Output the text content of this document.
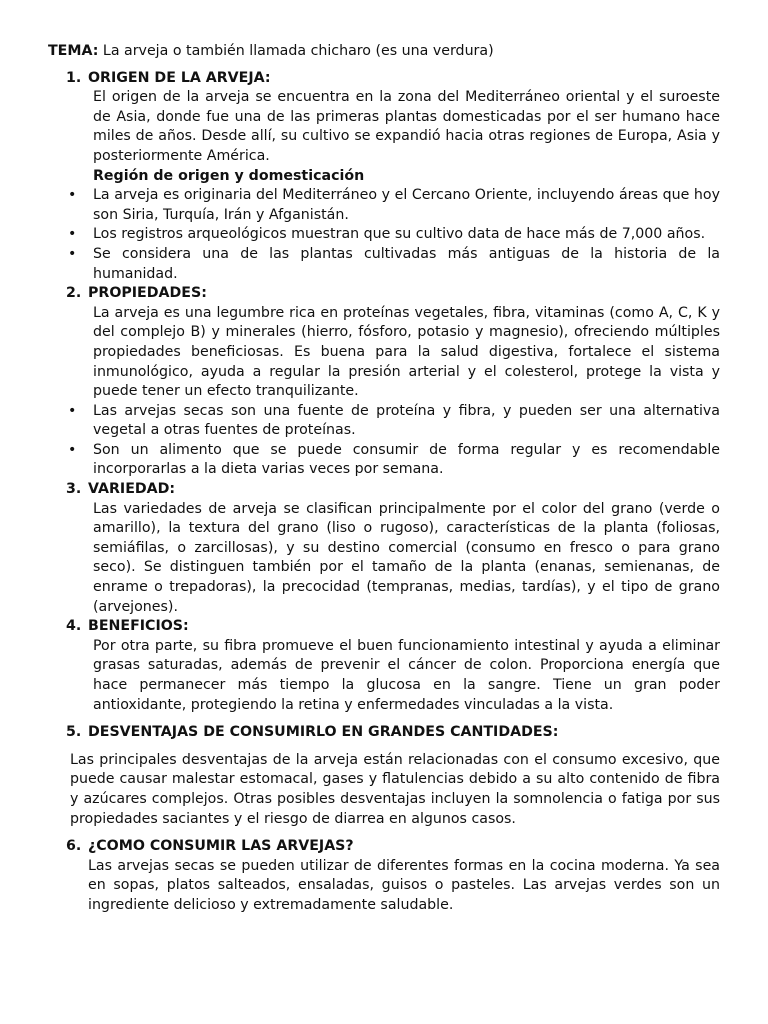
TEMA: La arveja o también llamada chicharo (es una verdura)

1. ORIGEN DE LA ARVEJA:

El origen de la arveja se encuentra en la zona del Mediterráneo oriental y el suroeste de Asia, donde fue una de las primeras plantas domesticadas por el ser humano hace miles de años. Desde allí, su cultivo se expandió hacia otras regiones de Europa, Asia y posteriormente América.

Región de origen y domesticación

• La arveja es originaria del Mediterráneo y el Cercano Oriente, incluyendo áreas que hoy son Siria, Turquía, Irán y Afganistán.
• Los registros arqueológicos muestran que su cultivo data de hace más de 7,000 años.
• Se considera una de las plantas cultivadas más antiguas de la historia de la humanidad.
2. PROPIEDADES:

La arveja es una legumbre rica en proteínas vegetales, fibra, vitaminas (como A, C, K y del complejo B) y minerales (hierro, fósforo, potasio y magnesio), ofreciendo múltiples propiedades beneficiosas. Es buena para la salud digestiva, fortalece el sistema inmunológico, ayuda a regular la presión arterial y el colesterol, protege la vista y puede tener un efecto tranquilizante.

• Las arvejas secas son una fuente de proteína y fibra, y pueden ser una alternativa vegetal a otras fuentes de proteínas.
• Son un alimento que se puede consumir de forma regular y es recomendable incorporarlas a la dieta varias veces por semana.
3. VARIEDAD:

Las variedades de arveja se clasifican principalmente por el color del grano (verde o amarillo), la textura del grano (liso o rugoso), características de la planta (foliosas, semiáfilas, o zarcillosas), y su destino comercial (consumo en fresco o para grano seco). Se distinguen también por el tamaño de la planta (enanas, semienanas, de enrame o trepadoras), la precocidad (tempranas, medias, tardías), y el tipo de grano (arvejones).

4. BENEFICIOS:

Por otra parte, su fibra promueve el buen funcionamiento intestinal y ayuda a eliminar grasas saturadas, además de prevenir el cáncer de colon. Proporciona energía que hace permanecer más tiempo la glucosa en la sangre. Tiene un gran poder antioxidante, protegiendo la retina y enfermedades vinculadas a la vista.

5. DESVENTAJAS DE CONSUMIRLO EN GRANDES CANTIDADES:

Las principales desventajas de la arveja están relacionadas con el consumo excesivo, que puede causar malestar estomacal, gases y flatulencias debido a su alto contenido de fibra y azúcares complejos. Otras posibles desventajas incluyen la somnolencia o fatiga por sus propiedades saciantes y el riesgo de diarrea en algunos casos.

6. ¿COMO CONSUMIR LAS ARVEJAS?

Las arvejas secas se pueden utilizar de diferentes formas en la cocina moderna. Ya sea en sopas, platos salteados, ensaladas, guisos o pasteles. Las arvejas verdes son un ingrediente delicioso y extremadamente saludable.
